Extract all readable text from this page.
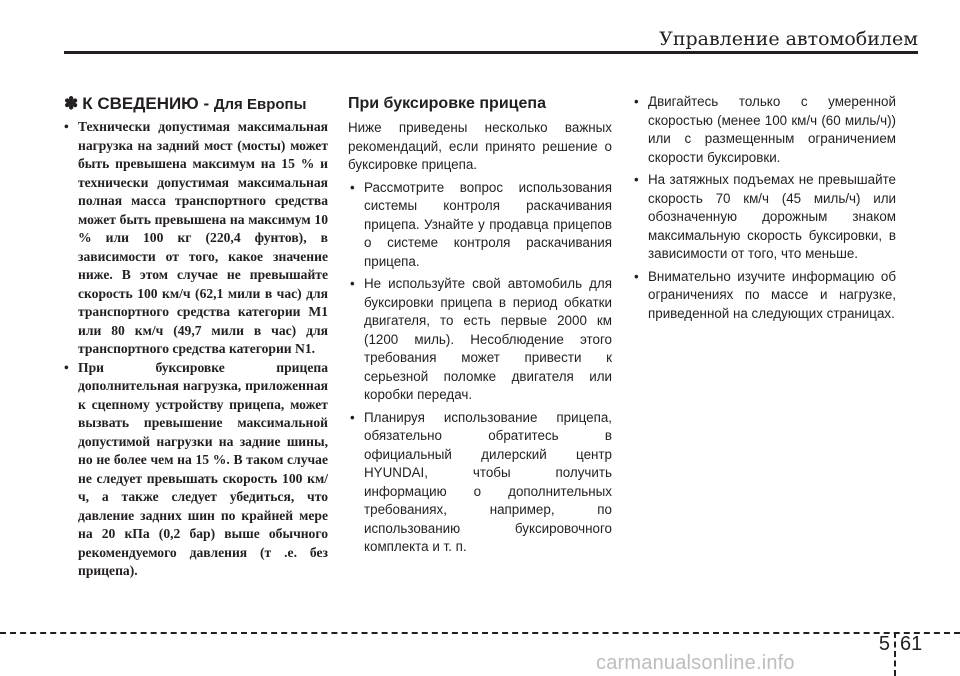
Управление автомобилем
✽ К СВЕДЕНИЮ - Для Европы
• Технически допустимая максимальная нагрузка на задний мост (мосты) может быть превышена максимум на 15 % и технически допустимая максимальная полная масса транспортного средства может быть превышена на максимум 10 % или 100 кг (220,4 фунтов), в зависимости от того, какое значение ниже. В этом случае не превышайте скорость 100 км/ч (62,1 мили в час) для транспортного средства категории M1 или 80 км/ч (49,7 мили в час) для транспортного средства категории N1.
• При буксировке прицепа дополнительная нагрузка, приложенная к сцепному устройству прицепа, может вызвать превышение максимальной допустимой нагрузки на задние шины, но не более чем на 15 %. В таком случае не следует превышать скорость 100 км/ч, а также следует убедиться, что давление задних шин по крайней мере на 20 кПа (0,2 бар) выше обычного рекомендуемого давления (т .е. без прицепа).
При буксировке прицепа

Ниже приведены несколько важных рекомендаций, если принято решение о буксировке прицепа.

• Рассмотрите вопрос использования системы контроля раскачивания прицепа. Узнайте у продавца прицепов о системе контроля раскачивания прицепа.
• Не используйте свой автомобиль для буксировки прицепа в период обкатки двигателя, то есть первые 2000 км (1200 миль). Несоблюдение этого требования может привести к серьезной поломке двигателя или коробки передач.
• Планируя использование прицепа, обязательно обратитесь в официальный дилерский центр HYUNDAI, чтобы получить информацию о дополнительных требованиях, например, по использованию буксировочного комплекта и т. п.
• Двигайтесь только с умеренной скоростью (менее 100 км/ч (60 миль/ч)) или с размещенным ограничением скорости буксировки.
• На затяжных подъемах не превышайте скорость 70 км/ч (45 миль/ч) или обозначенную дорожным знаком максимальную скорость буксировки, в зависимости от того, что меньше.
• Внимательно изучите информацию об ограничениях по массе и нагрузке, приведенной на следующих страницах.
5 61
carmanualsonline.info
